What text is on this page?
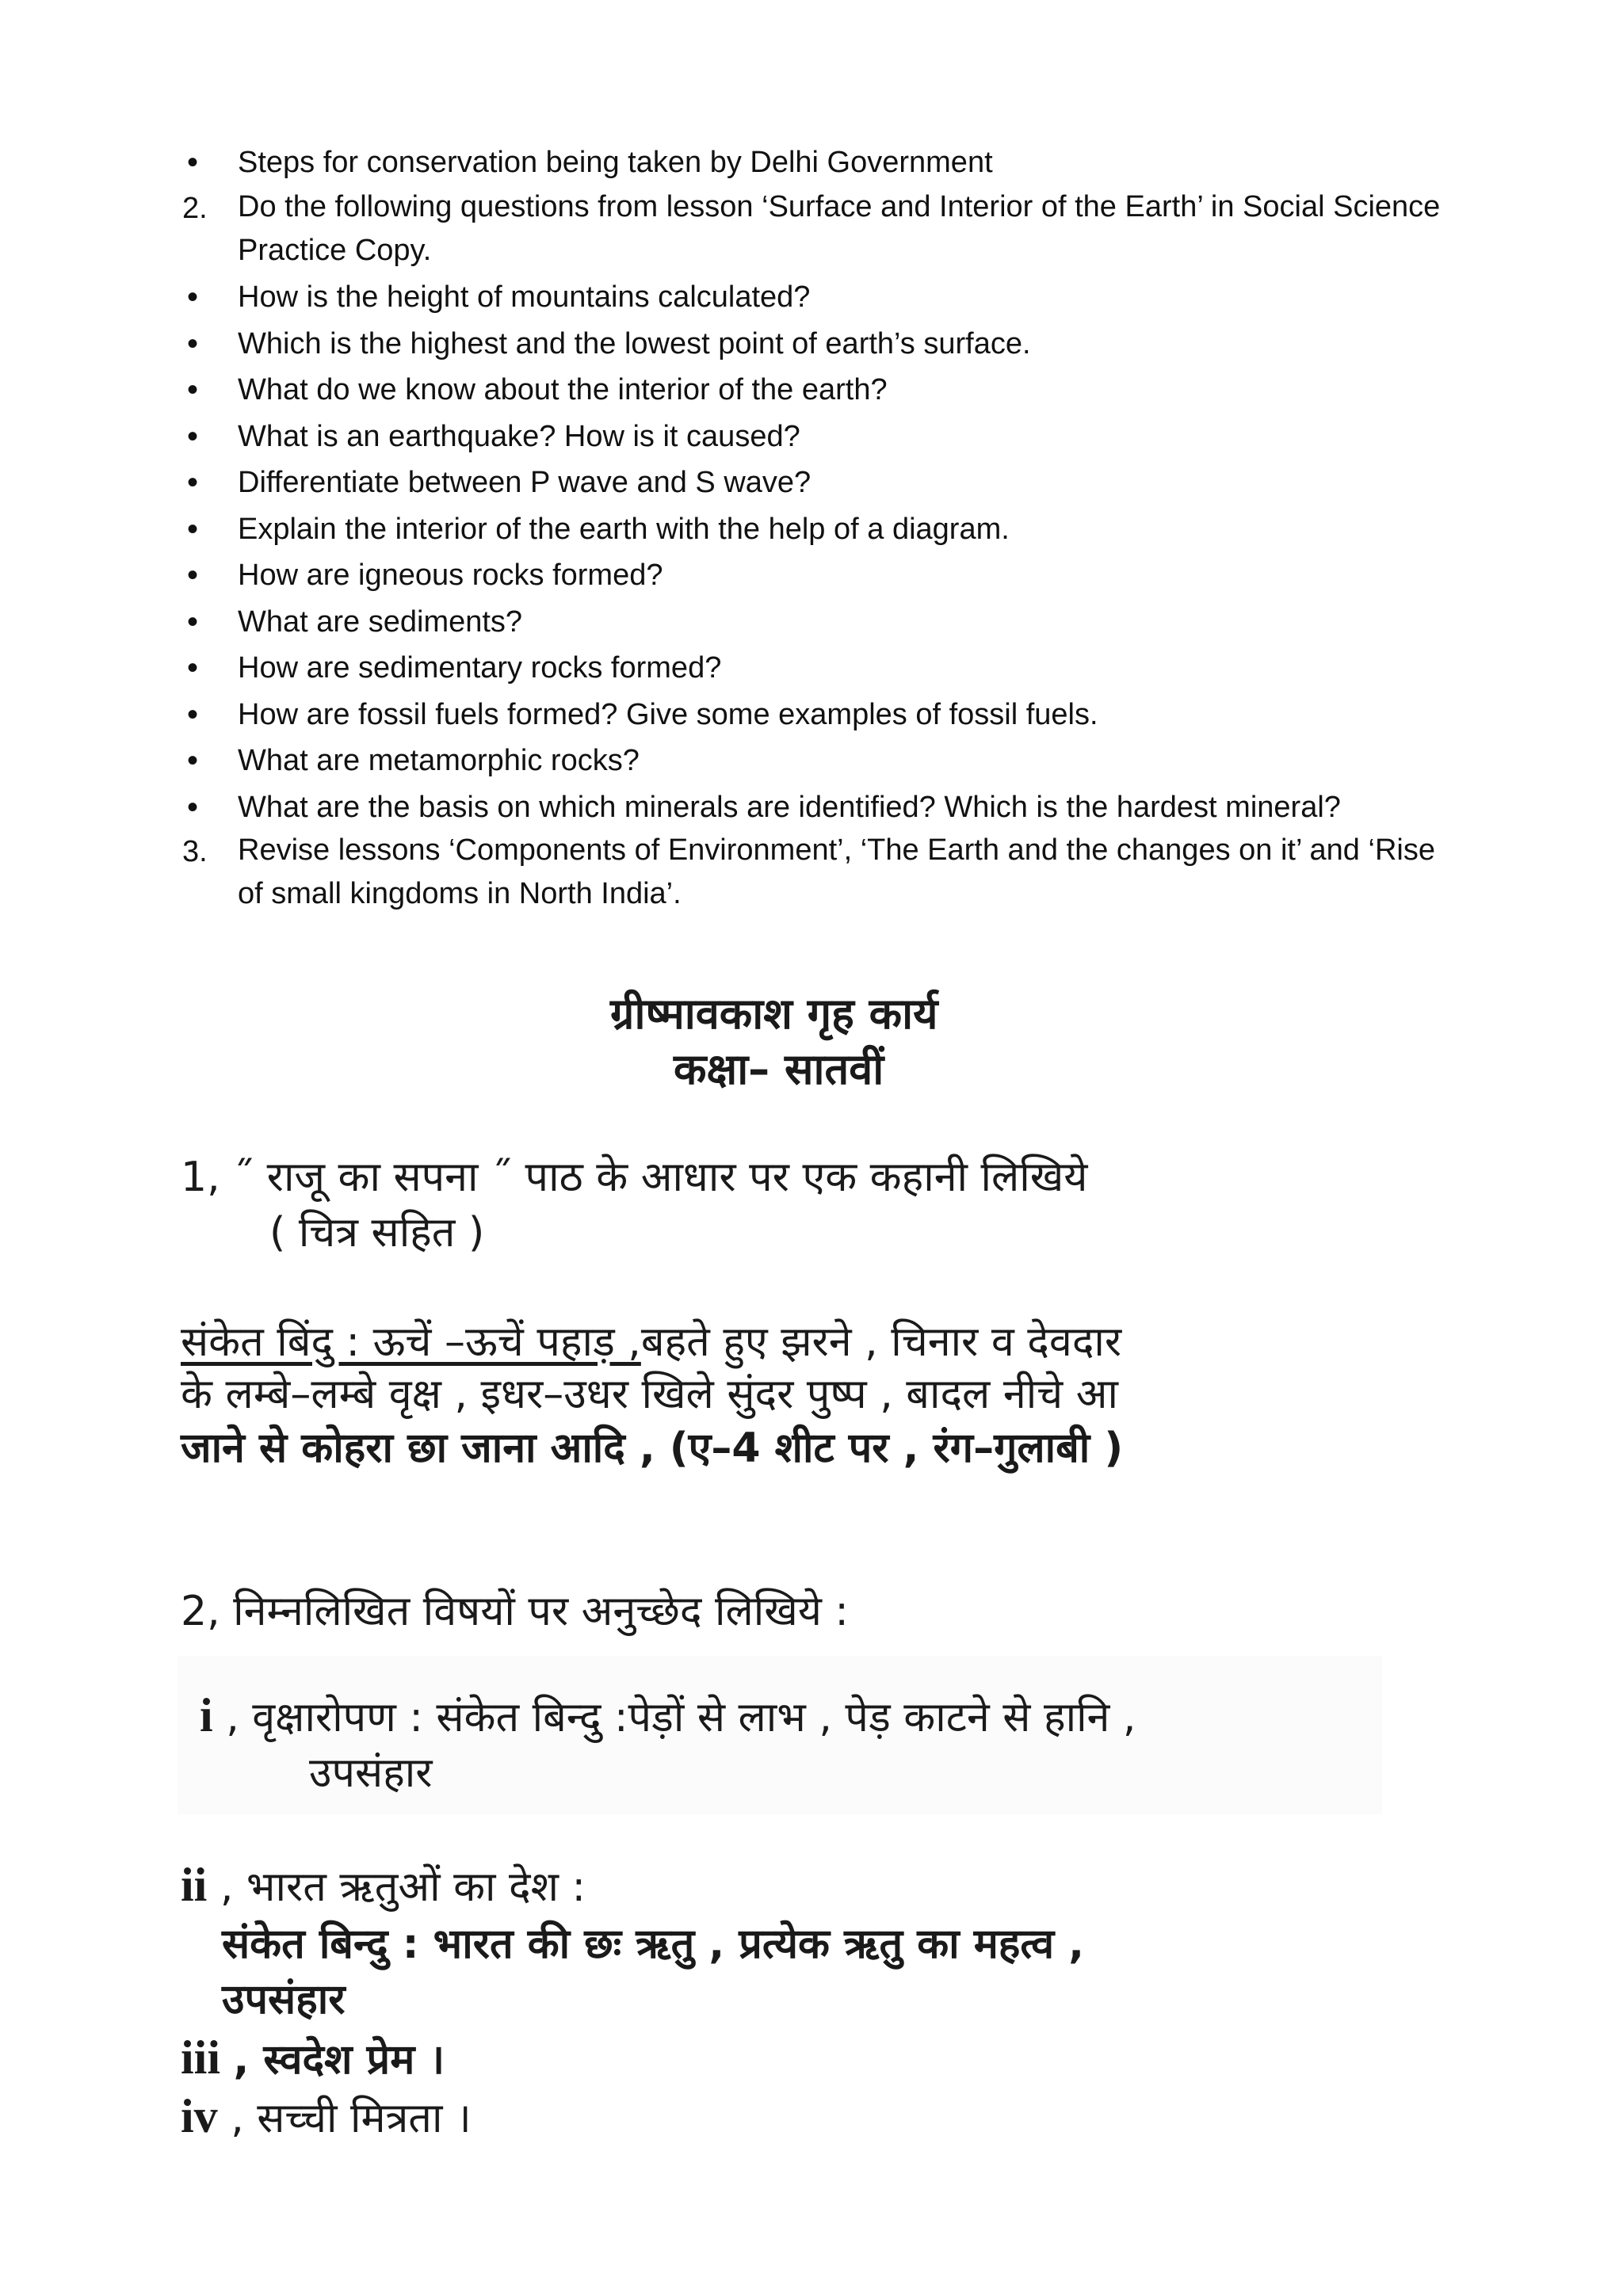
•	Steps for conservation being taken by Delhi Government
2.	Do the following questions from lesson ‘Surface and Interior of the Earth’ in Social Science Practice Copy.
•	How is the height of mountains calculated?
•	Which is the highest and the lowest point of earth’s surface.
•	What do we know about the interior of the earth?
•	What is an earthquake? How is it caused?
•	Differentiate between P wave and S wave?
•	Explain the interior of the earth with the help of a diagram.
•	How are igneous rocks formed?
•	What are sediments?
•	How are sedimentary rocks formed?
•	How are fossil fuels formed? Give some examples of fossil fuels.
•	What are metamorphic rocks?
•	What are the basis on which minerals are identified? Which is the hardest mineral?
3.	Revise lessons ‘Components of Environment’, ‘The Earth and the changes on it’ and ‘Rise of small kingdoms in North India’.
ग्रीष्मावकाश गृह कार्य
कक्षा– सातवीं
1, ˝ राजू का सपना ˝ पाठ के आधार पर एक कहानी लिखिये
( चित्र सहित )
संकेत बिंदु : ऊचें –ऊचें पहाड़ ,बहते हुए झरने , चिनार व देवदार
के लम्बे–लम्बे वृक्ष , इधर–उधर खिले सुंदर पुष्प , बादल नीचे आ
जाने से कोहरा छा जाना आदि , (ए–4 शीट पर , रंग–गुलाबी )
2, निम्नलिखित विषयों पर अनुच्छेद लिखिये :
i , वृक्षारोपण : संकेत बिन्दु :पेड़ों से लाभ , पेड़ काटने से हानि ,
उपसंहार
ii , भारत ऋतुओं का देश :
संकेत बिन्दु : भारत की छः ऋतु , प्रत्येक ऋतु का महत्व ,
उपसंहार
iii , स्वदेश प्रेम ।
iv , सच्ची मित्रता ।
